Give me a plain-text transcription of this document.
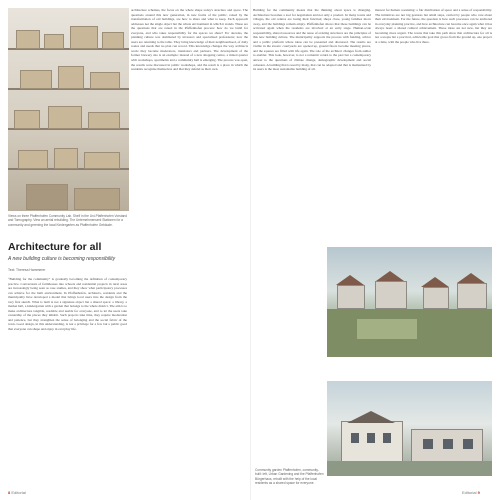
Views on three Pfaffenhofen Community Lab. Shelf in the Uni-Pfaffenhofen Vorstand and Tomography. View an aerial rebuilding. The Unternehmensent Stationen for a community and greening the local Kindergarten as Pfaffenhofen Gebäude.
Architecture for all
A new building culture is becoming responsibility
Text: Theresa Hammerer
“Building for the community” is gradually becoming the definition of contemporary practice. Conversions of farmhouses into schools and residential projects in rural areas are increasingly being seen as case studies, and they show what participatory processes can achieve for the built environment. In Pfaffenhofen, architects, residents and the municipality have developed a model that brings local users into the design from the very first sketch. What is built is not a signature object but a shared space: a library, a market hall, a kindergarten with a garden that belongs to the whole district. The aim is to make architecture tangible, readable and usable for everyone, and to let the users take ownership of the places they inhabit. Such projects take time, they require moderation and patience, but they strengthen the sense of belonging and the social fabric of the town. Good design, in this understanding, is not a privilege for a few but a public good that everyone can shape and enjoy in everyday life.
architecture schemes, the focus on the whole shape today's structure and space. The questions around this new generation, in new forms of the public, raised by the transformation of old buildings, are how to share and what to keep. Each approach addresses not the single object but the whole environment in which it stands. These are the questions that are raised in the Pfaffenhofen process: how do we build for everyone, and who takes responsibility for the spaces we share? For decades, the planning culture was dominated by investors and specialised professions; now the users are returning to the table. They bring knowledge of their neighbourhood, of daily routes and needs that no plan can record. This knowledge changes the way architects work: they become moderators, translators and partners. The development of the former brewery site is an example: instead of a new shopping centre, a mixed quarter with workshops, apartments and a community hall is emerging. The process was open, the results were discussed in public workshops, and the result is a place in which the residents recognise themselves and that they defend as their own.
8 Editorial
Building for the community means that the thinking about space is changing. Architecture becomes a tool for negotiation and not only a product. In many towns and villages, the old centres are losing their function; shops close, young families move away, and the buildings remain empty. Pfaffenhofen shows that these buildings can be activated again when the residents are involved at an early stage. Human-scale responsibility, shared resources and the reuse of existing structures are the principles of this new building culture. The municipality supports the process with funding, advice and a public platform where ideas can be presented and discussed. The results are visible in the streets: courtyards are opened up, ground floors become meeting places, and the squares are filled with life again. The role of the architect changes from author to enabler. This look, however, is not a romantic return to the past but a contemporary answer to the questions of climate change, demographic development and social cohesion. A building that is used by many, that can be adapted and that is maintained by its users is the most sustainable building of all.
interest for human coexisting: a fair distribution of space and a sense of responsibility. The initiatives are not big gestures but small steps, carried by people who care about their environment. For the future, the question is how such processes can be anchored in everyday planning practice, and how architecture can become once again what it has always been: a shared cultural achievement. These ideas are not new, but they are becoming more urgent. The towns that take this path show that architecture for all is not a utopia but a practical, achievable goal that grows from the ground up, one project at a time, with the people who live there.
Community garden Pfaffenhofen, community-built: left, Urban Gardening and the Pfaffenhofen Bürgerhaus, rebuilt with the help of the local residents as a shared space for everyone.
Editorial 9
